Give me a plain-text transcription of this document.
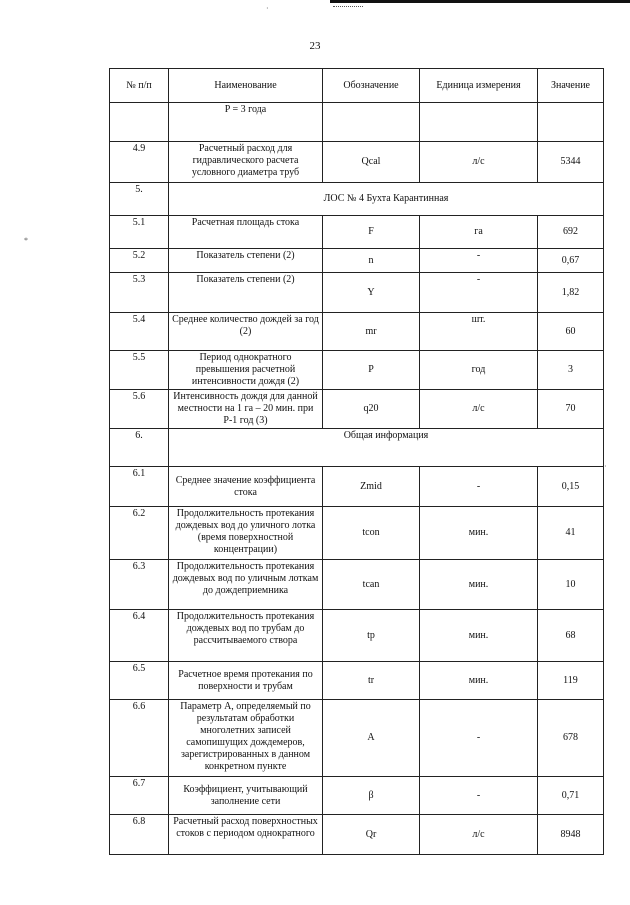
·
*
·
23
№ п/п	Наименование	Обозначение	Единица измерения	Значение
	P = 3 года			
4.9	Расчетный расход для гидравлического расчета условного диаметра труб	Qcal	л/с	5344
5.	ЛОС № 4 Бухта Карантинная			
5.1	Расчетная площадь стока	F	га	692
5.2	Показатель степени (2)	n	-	0,67
5.3	Показатель степени (2)	Y	-	1,82
5.4	Среднее количество дождей за год (2)	mr	шт.	60
5.5	Период однократного превышения расчетной интенсивности дождя (2)	P	год	3
5.6	Интенсивность дождя для данной местности на 1 га – 20 мин. при P-1 год (3)	q20	л/с	70
6.	Общая информация			
6.1	Среднее значение коэффициента стока	Zmid	-	0,15
6.2	Продолжительность протекания дождевых вод до уличного лотка (время поверхностной концентрации)	tcon	мин.	41
6.3	Продолжительность протекания дождевых вод по уличным лоткам до дождеприемника	tcan	мин.	10
6.4	Продолжительность протекания дождевых вод по трубам до рассчитываемого створа	tp	мин.	68
6.5	Расчетное время протекания по поверхности и трубам	tr	мин.	119
6.6	Параметр А, определяемый по результатам обработки многолетних записей самопишущих дождемеров, зарегистрированных в данном конкретном пункте	A	-	678
6.7	Коэффициент, учитывающий заполнение сети	β	-	0,71
6.8	Расчетный расход поверхностных стоков с периодом однократного	Qr	л/с	8948
